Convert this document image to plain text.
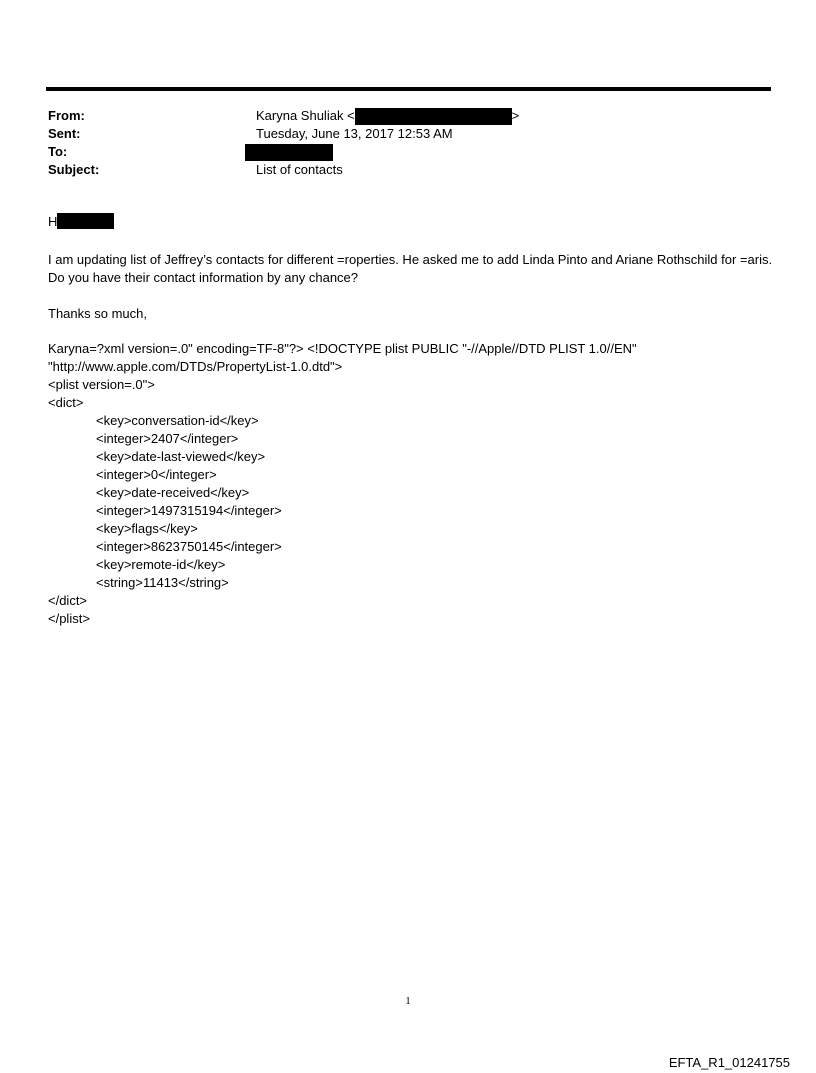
From:	Karyna Shuliak <	>
Sent:	Tuesday, June 13, 2017 12:53 AM
To:
Subject:	List of contacts
H
I am updating list of Jeffrey’s contacts for different =roperties. He asked me to add Linda Pinto and Ariane Rothschild for =aris. Do you have their contact information by any chance?
Thanks so much,
Karyna=?xml version=.0" encoding=TF-8"?> <!DOCTYPE plist PUBLIC "-//Apple//DTD PLIST 1.0//EN"
"http://www.apple.com/DTDs/PropertyList-1.0.dtd">
<plist version=.0">
<dict>
<key>conversation-id</key>
<integer>2407</integer>
<key>date-last-viewed</key>
<integer>0</integer>
<key>date-received</key>
<integer>1497315194</integer>
<key>flags</key>
<integer>8623750145</integer>
<key>remote-id</key>
<string>11413</string>
</dict>
</plist>
1
EFTA_R1_01241755
